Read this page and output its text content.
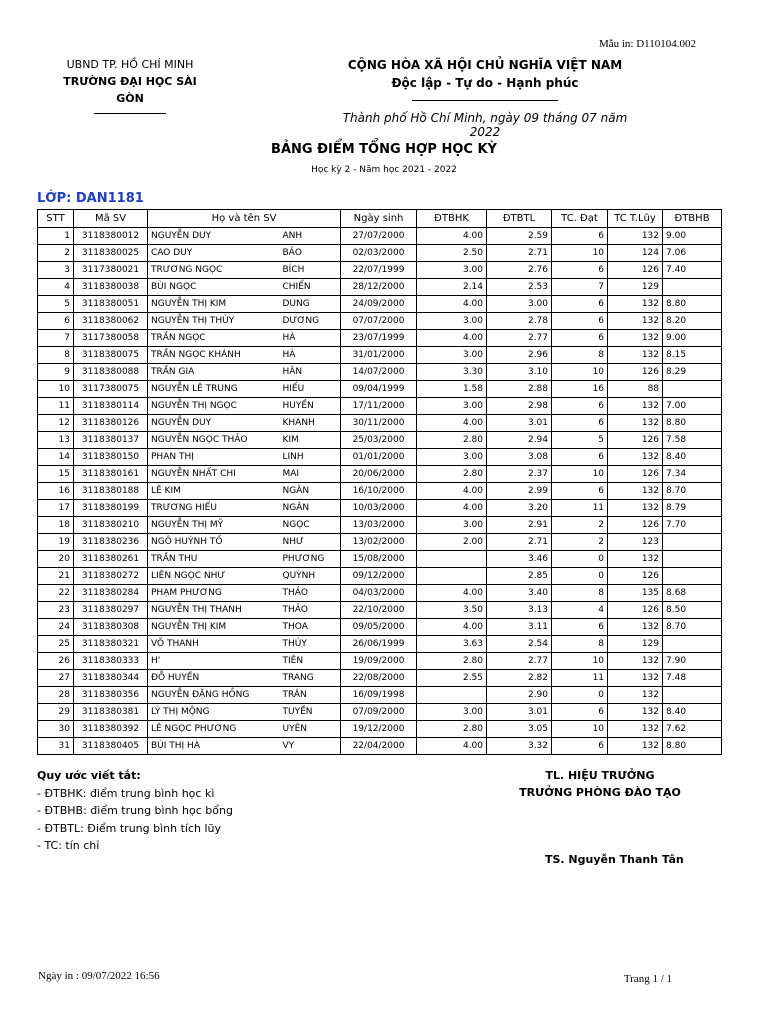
Mẫu in: D110104.002
UBND TP. HỒ CHÍ MINH
TRƯỜNG ĐẠI HỌC SÀI GÒN
CỘNG HÒA XÃ HỘI CHỦ NGHĨA VIỆT NAM
Độc lập - Tự do - Hạnh phúc
Thành phố Hồ Chí Minh, ngày 09 tháng 07 năm 2022
BẢNG ĐIỂM TỔNG HỢP HỌC KỲ
Học kỳ 2 - Năm học 2021 - 2022
LỚP: DAN1181
STT	Mã SV	Họ và tên SV		Ngày sinh	ĐTBHK	ĐTBTL	TC. Đạt	TC T.Lũy	ĐTBHB
1	3118380012	NGUYỄN DUY	ANH	27/07/2000	4.00	2.59	6	132	9.00
2	3118380025	CAO DUY	BẢO	02/03/2000	2.50	2.71	10	124	7.06
3	3117380021	TRƯƠNG NGỌC	BÍCH	22/07/1999	3.00	2.76	6	126	7.40
4	3118380038	BÙI NGỌC	CHIẾN	28/12/2000	2.14	2.53	7	129	
5	3118380051	NGUYỄN THỊ KIM	DUNG	24/09/2000	4.00	3.00	6	132	8.80
6	3118380062	NGUYỄN THỊ THÙY	DƯƠNG	07/07/2000	3.00	2.78	6	132	8.20
7	3117380058	TRẦN NGỌC	HÀ	23/07/1999	4.00	2.77	6	132	9.00
8	3118380075	TRẦN NGỌC KHÁNH	HÀ	31/01/2000	3.00	2.96	8	132	8.15
9	3118380088	TRẦN GIA	HÂN	14/07/2000	3.30	3.10	10	126	8.29
10	3117380075	NGUYỄN LÊ TRUNG	HIẾU	09/04/1999	1.58	2.88	16	88	
11	3118380114	NGUYỄN THỊ NGỌC	HUYỀN	17/11/2000	3.00	2.98	6	132	7.00
12	3118380126	NGUYỄN DUY	KHANH	30/11/2000	4.00	3.01	6	132	8.80
13	3118380137	NGUYỄN NGỌC THẢO	KIM	25/03/2000	2.80	2.94	5	126	7.58
14	3118380150	PHAN THỊ	LINH	01/01/2000	3.00	3.08	6	132	8.40
15	3118380161	NGUYỄN NHẤT CHI	MAI	20/06/2000	2.80	2.37	10	126	7.34
16	3118380188	LÊ KIM	NGÂN	16/10/2000	4.00	2.99	6	132	8.70
17	3118380199	TRƯƠNG HIẾU	NGÂN	10/03/2000	4.00	3.20	11	132	8.79
18	3118380210	NGUYỄN THỊ MỸ	NGỌC	13/03/2000	3.00	2.91	2	126	7.70
19	3118380236	NGÔ HUỲNH TỐ	NHƯ	13/02/2000	2.00	2.71	2	123	
20	3118380261	TRẦN THU	PHƯƠNG	15/08/2000		3.46	0	132	
21	3118380272	LIÊN NGỌC NHƯ	QUỲNH	09/12/2000		2.85	0	126	
22	3118380284	PHẠM PHƯƠNG	THẢO	04/03/2000	4.00	3.40	8	135	8.68
23	3118380297	NGUYỄN THỊ THANH	THẢO	22/10/2000	3.50	3.13	4	126	8.50
24	3118380308	NGUYỄN THỊ KIM	THOA	09/05/2000	4.00	3.11	6	132	8.70
25	3118380321	VÕ THANH	THÚY	26/06/1999	3.63	2.54	8	129	
26	3118380333	H'	TIÊN	19/09/2000	2.80	2.77	10	132	7.90
27	3118380344	ĐỖ HUYỀN	TRANG	22/08/2000	2.55	2.82	11	132	7.48
28	3118380356	NGUYỄN ĐẶNG HỒNG	TRÂN	16/09/1998		2.90	0	132	
29	3118380381	LÝ THỊ MỘNG	TUYỀN	07/09/2000	3.00	3.01	6	132	8.40
30	3118380392	LÊ NGỌC PHƯƠNG	UYÊN	19/12/2000	2.80	3.05	10	132	7.62
31	3118380405	BÙI THỊ HÀ	VY	22/04/2000	4.00	3.32	6	132	8.80
Quy ước viết tắt:
- ĐTBHK: điểm trung bình học kì
- ĐTBHB: điểm trung bình học bổng
- ĐTBTL: Điểm trung bình tích lũy
- TC: tín chỉ
TL. HIỆU TRƯỞNG
TRƯỞNG PHÒNG ĐÀO TẠO
TS. Nguyễn Thanh Tân
Ngày in : 09/07/2022 16:56	Trang 1 / 1
